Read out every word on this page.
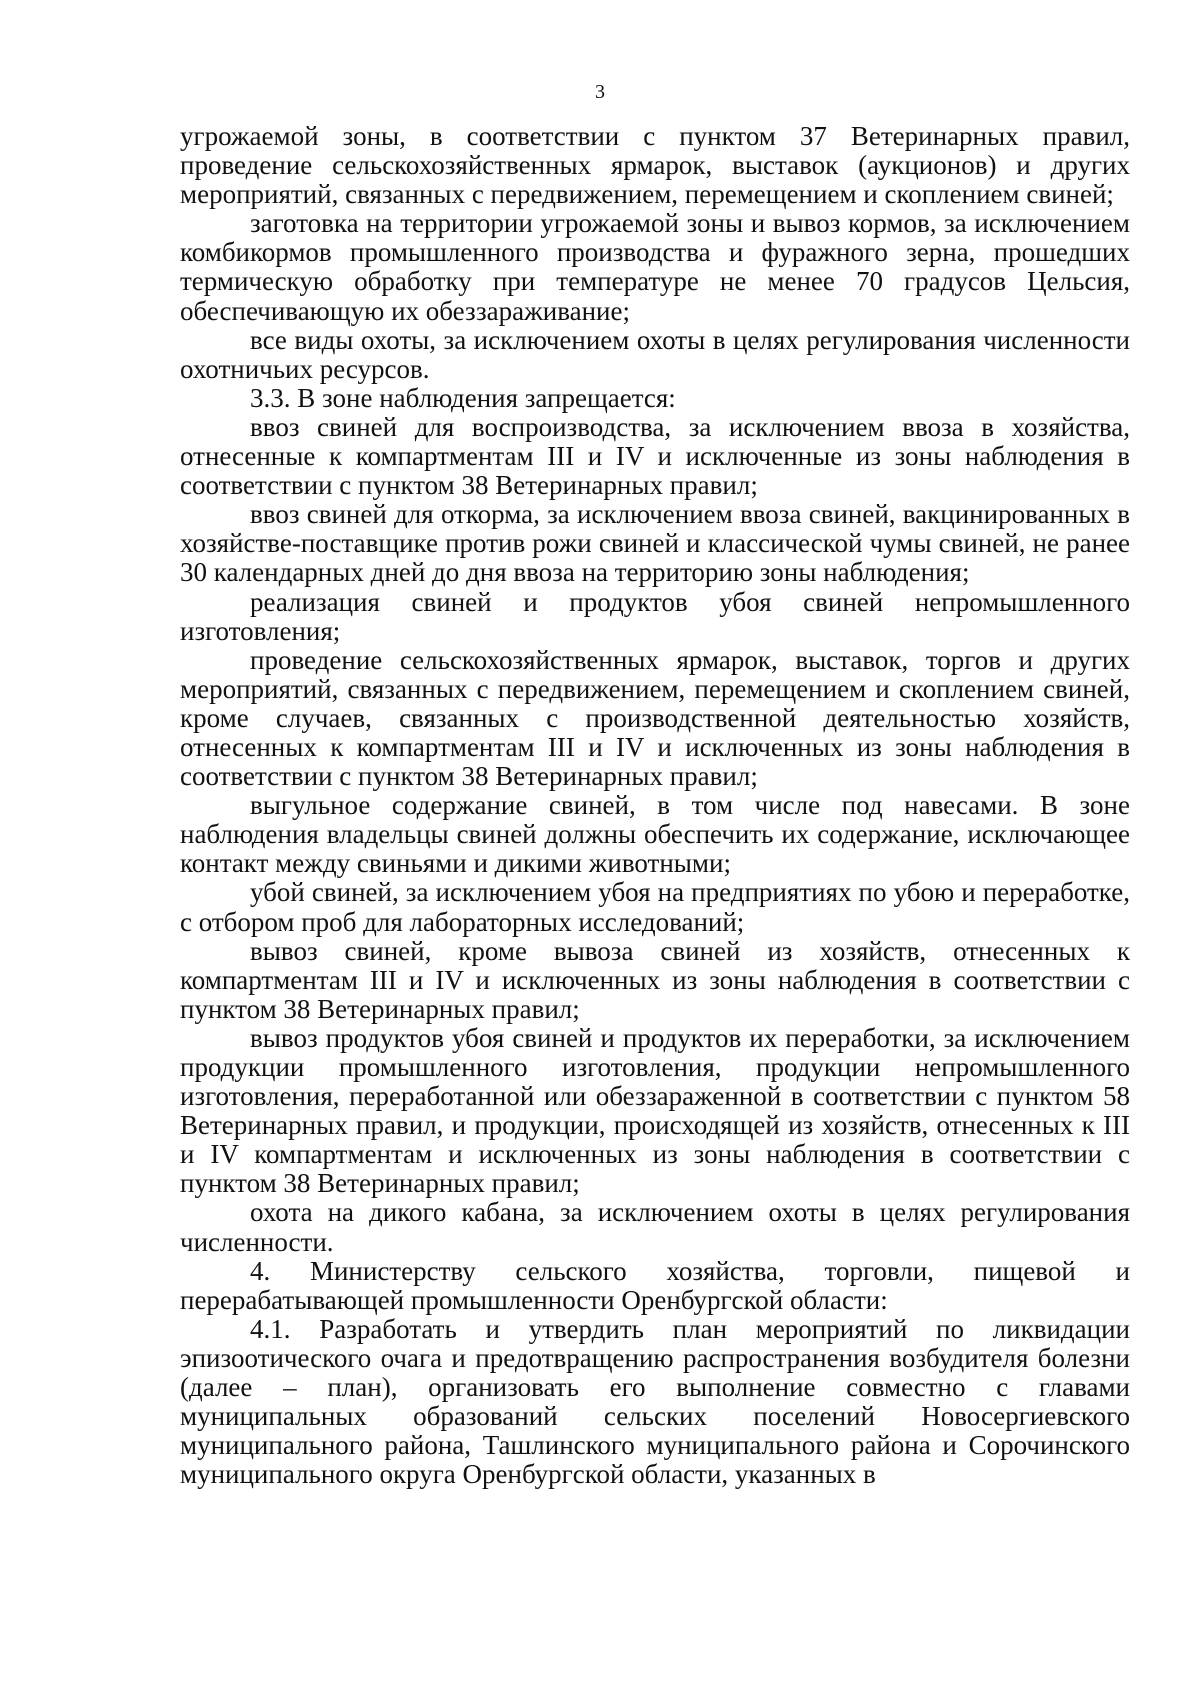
3

угрожаемой зоны, в соответствии с пунктом 37 Ветеринарных правил, проведение сельскохозяйственных ярмарок, выставок (аукционов) и других мероприятий, связанных с передвижением, перемещением и скоплением свиней;

заготовка на территории угрожаемой зоны и вывоз кормов, за исключением комбикормов промышленного производства и фуражного зерна, прошедших термическую обработку при температуре не менее 70 градусов Цельсия, обеспечивающую их обеззараживание;

все виды охоты, за исключением охоты в целях регулирования численности охотничьих ресурсов.

3.3. В зоне наблюдения запрещается:

ввоз свиней для воспроизводства, за исключением ввоза в хозяйства, отнесенные к компартментам III и IV и исключенные из зоны наблюдения в соответствии с пунктом 38 Ветеринарных правил;

ввоз свиней для откорма, за исключением ввоза свиней, вакцинированных в хозяйстве-поставщике против рожи свиней и классической чумы свиней, не ранее 30 календарных дней до дня ввоза на территорию зоны наблюдения;

реализация свиней и продуктов убоя свиней непромышленного изготовления;

проведение сельскохозяйственных ярмарок, выставок, торгов и других мероприятий, связанных с передвижением, перемещением и скоплением свиней, кроме случаев, связанных с производственной деятельностью хозяйств, отнесенных к компартментам III и IV и исключенных из зоны наблюдения в соответствии с пунктом 38 Ветеринарных правил;

выгульное содержание свиней, в том числе под навесами. В зоне наблюдения владельцы свиней должны обеспечить их содержание, исключающее контакт между свиньями и дикими животными;

убой свиней, за исключением убоя на предприятиях по убою и переработке, с отбором проб для лабораторных исследований;

вывоз свиней, кроме вывоза свиней из хозяйств, отнесенных к компартментам III и IV и исключенных из зоны наблюдения в соответствии с пунктом 38 Ветеринарных правил;

вывоз продуктов убоя свиней и продуктов их переработки, за исключением продукции промышленного изготовления, продукции непромышленного изготовления, переработанной или обеззараженной в соответствии с пунктом 58 Ветеринарных правил, и продукции, происходящей из хозяйств, отнесенных к III и IV компартментам и исключенных из зоны наблюдения в соответствии с пунктом 38 Ветеринарных правил;

охота на дикого кабана, за исключением охоты в целях регулирования численности.

4. Министерству сельского хозяйства, торговли, пищевой и перерабатывающей промышленности Оренбургской области:

4.1. Разработать и утвердить план мероприятий по ликвидации эпизоотического очага и предотвращению распространения возбудителя болезни (далее – план), организовать его выполнение совместно с главами муниципальных образований сельских поселений Новосергиевского муниципального района, Ташлинского муниципального района и Сорочинского муниципального округа Оренбургской области, указанных в
